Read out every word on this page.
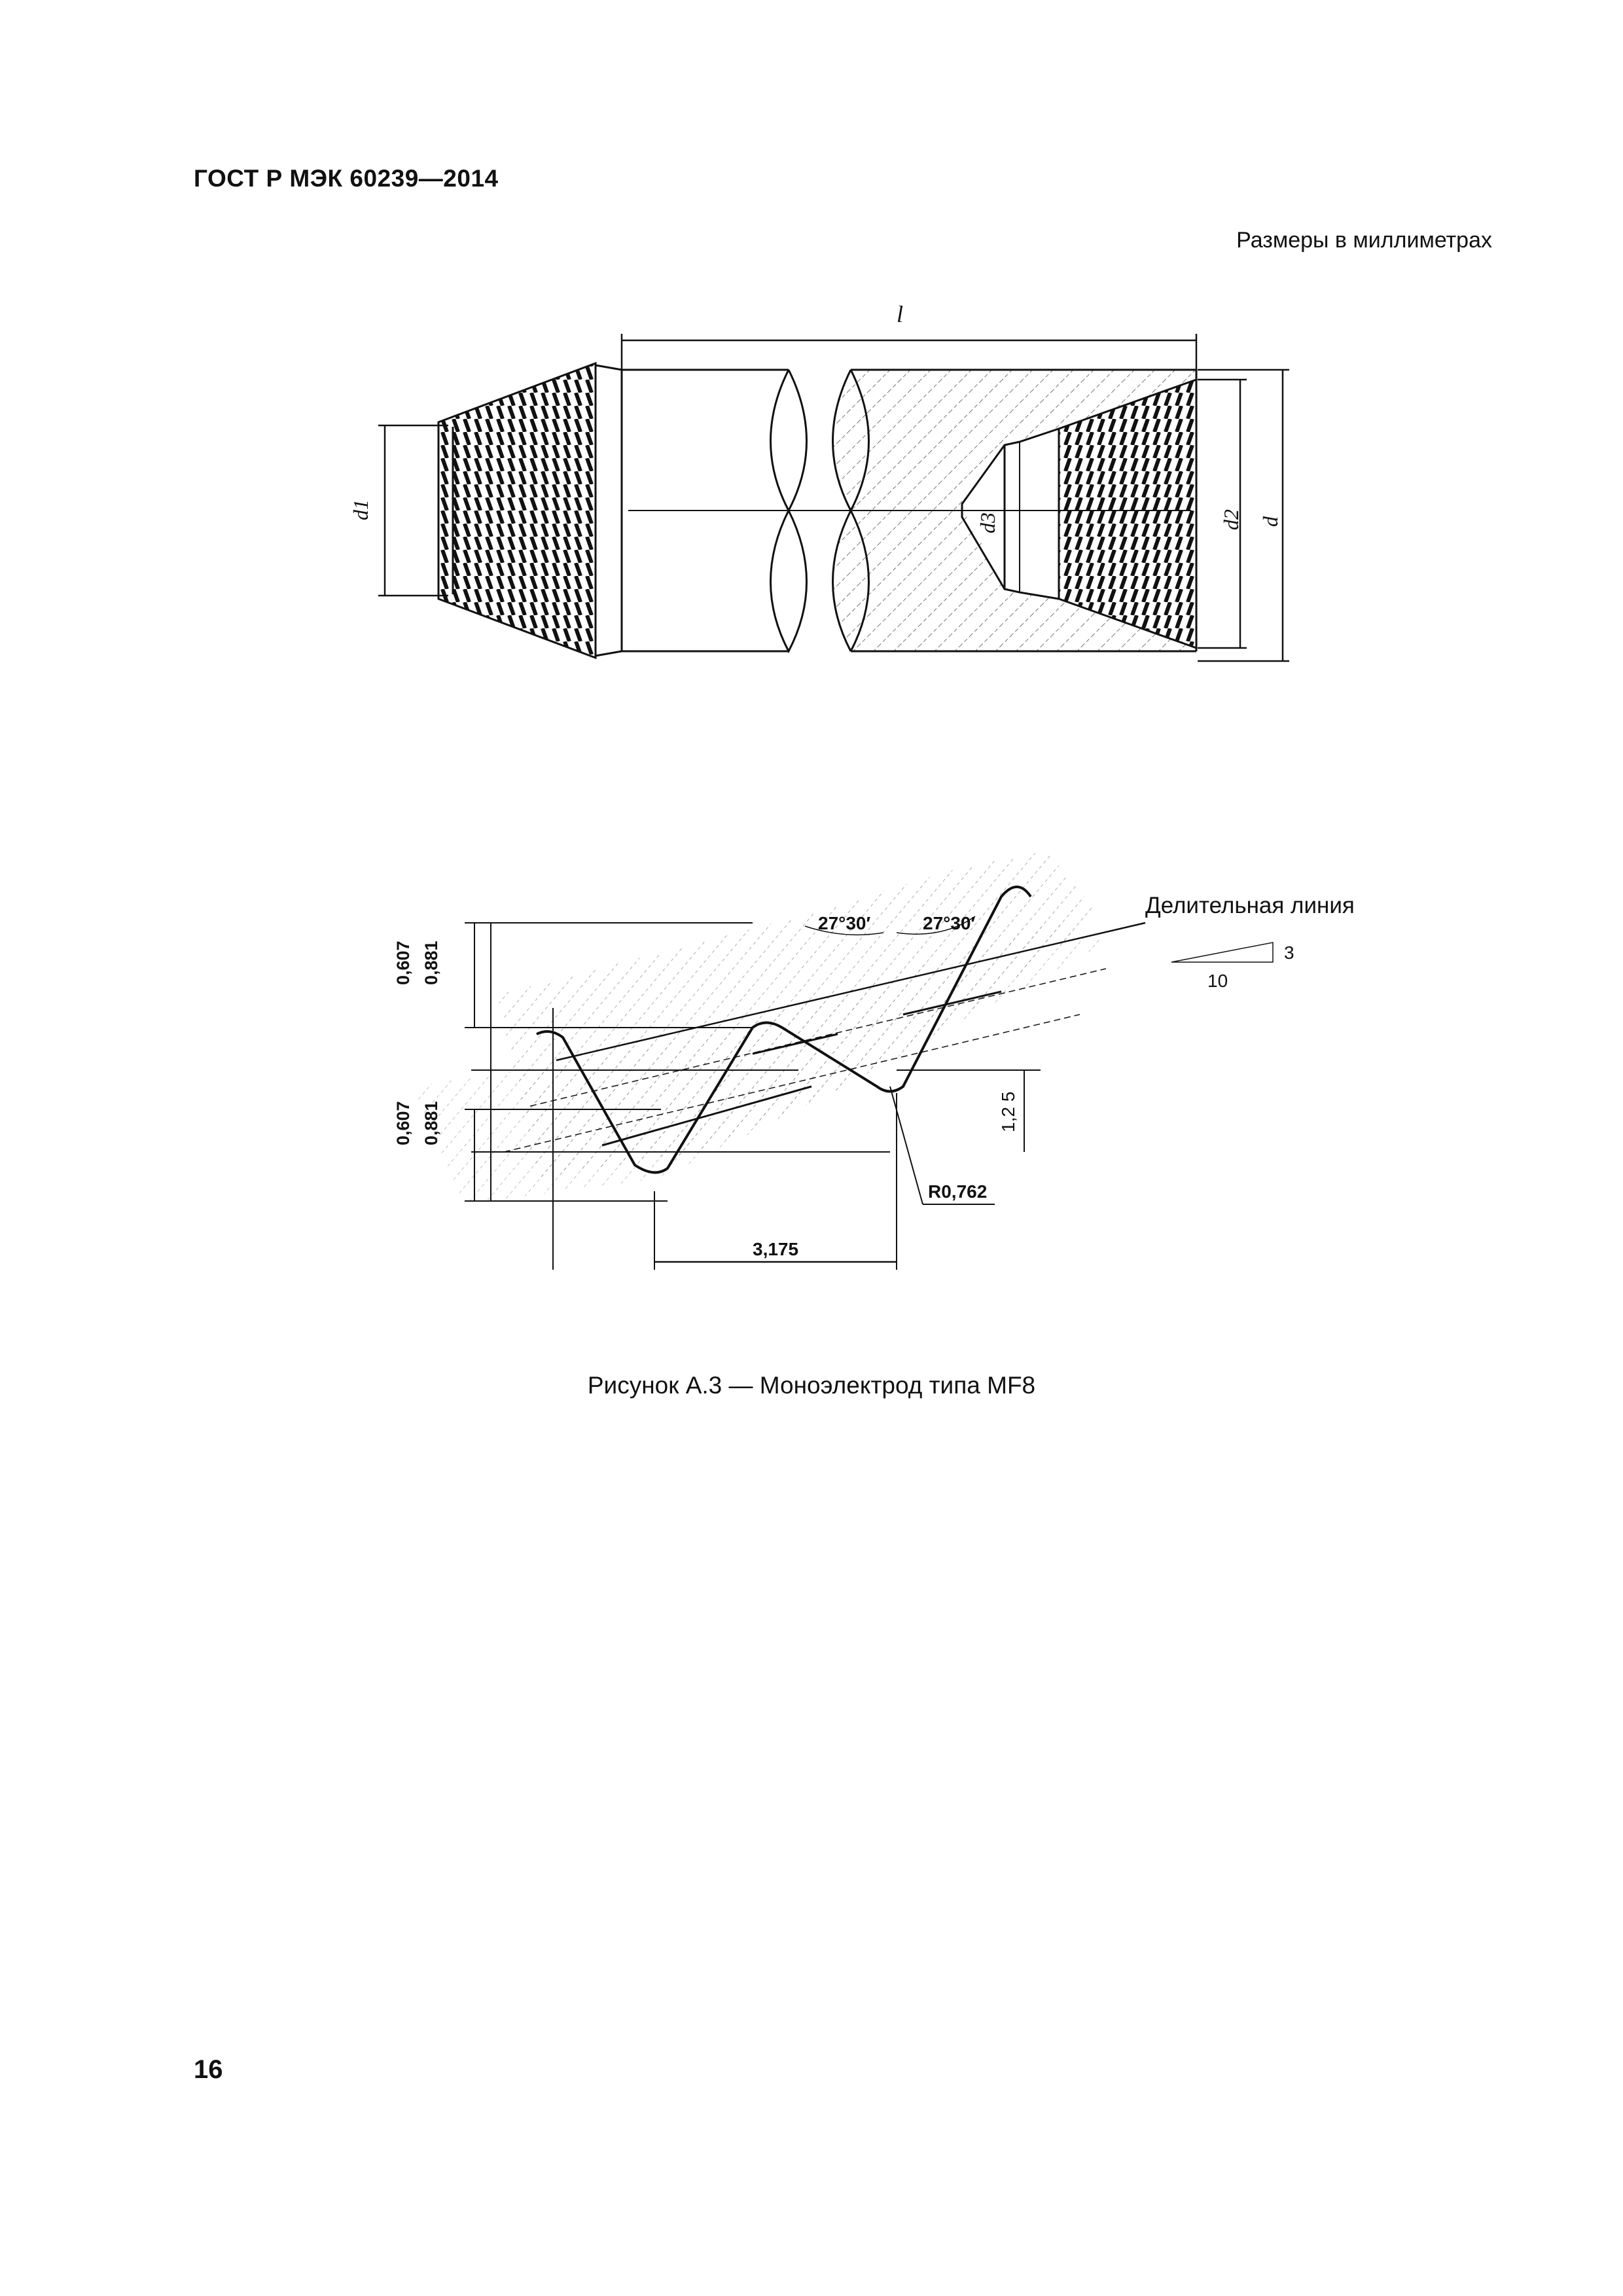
ГОСТ Р МЭК 60239—2014
Размеры в миллиметрах
l
d1
d3	d2 d
0,607 0,881
0,607 0,881	1,2 5
27°30′	27°30′
Делительная линия
10
3
R0,762
3,175
Рисунок А.3 — Моноэлектрод типа MF8
16
